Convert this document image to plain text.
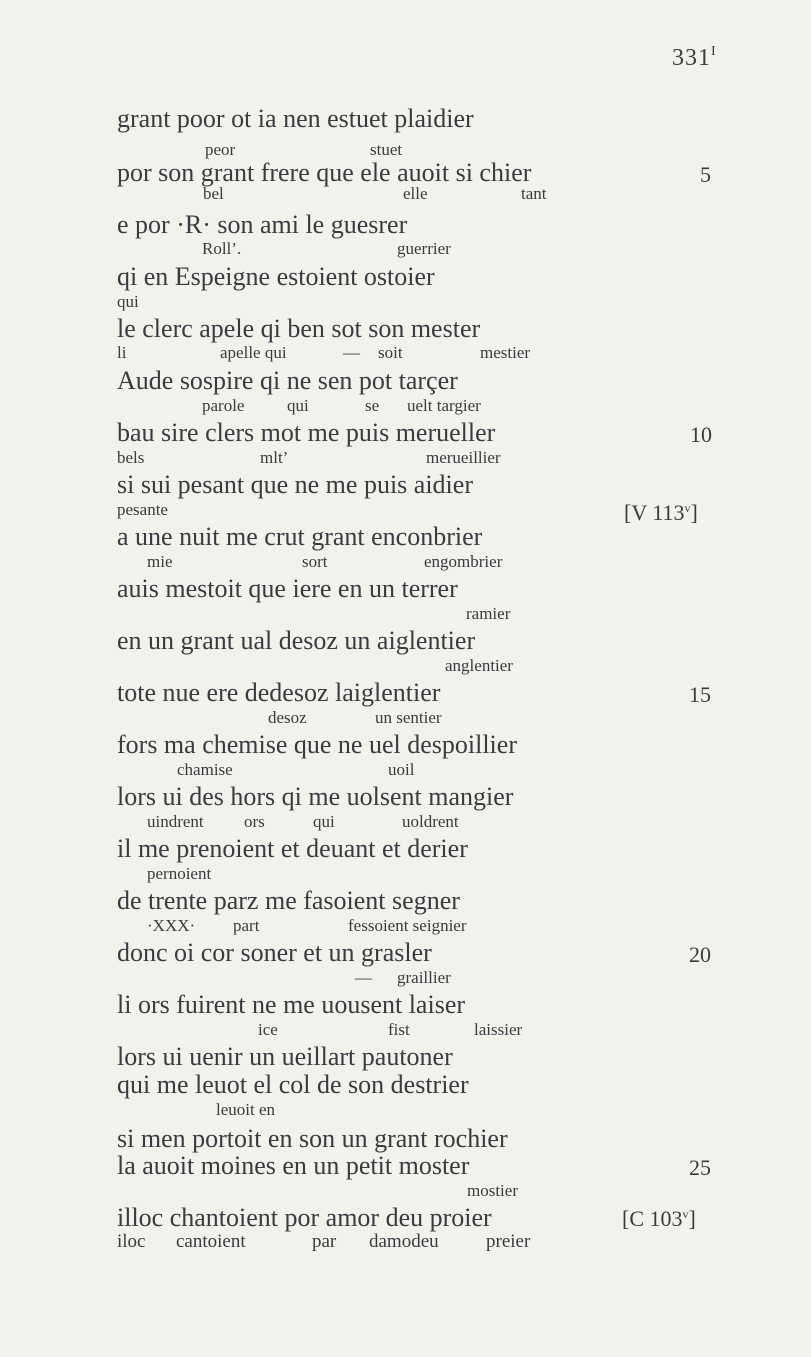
$331^I$
grant poor ot ia nen estuet plaidier
peor	stuet
por son grant frere que ele auoit si chier
bel	elle	tant
e por ·R· son ami le guesrer
Roll’.	guerrier
qi en Espeigne estoient ostoier
qui
le clerc apele qi ben sot son mester
li	apelle qui	— soit	mestier
Aude sospire qi ne sen pot tarçer
parole	qui	se uelt targier
bau sire clers mot me puis merueller
bels	mlt’	merueillier
si sui pesant que ne me puis aidier
pesante
a une nuit me crut grant enconbrier
mie	sort	engombrier
auis mestoit que iere en un terrer
ramier
en un grant ual desoz un aiglentier
anglentier
tote nue ere dedesoz laiglentier
desoz	un sentier
fors ma chemise que ne uel despoillier
chamise	uoil
lors ui des hors qi me uolsent mangier
uindrent ors	qui	uoldrent
il me prenoient et deuant et derier
pernoient
de trente parz me fasoient segner
·XXX· part	fessoient seignier
donc oi cor soner et un grasler
— graillier
li ors fuirent ne me uousent laiser
ice	fist	laissier
lors ui uenir un ueillart pautoner
qui me leuot el col de son destrier
leuoit en
si men portoit en son un grant rochier
la auoit moines en un petit moster
mostier
illoc chantoient por amor deu proier
iloc cantoient	par damodeu preier
5
10
[V 113$^v$]
15
20
25
[C 103$^v$]
